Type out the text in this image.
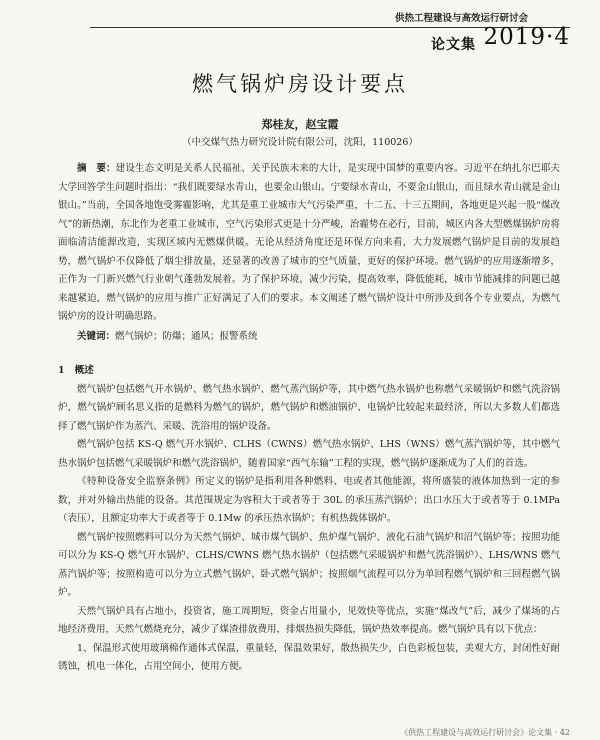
供热工程建设与高效运行研讨会
论文集 2019·4
燃气锅炉房设计要点
郑桂友，赵宝霞
（中交煤气热力研究设计院有限公司，沈阳，110026）

摘　要：建设生态文明是关系人民福祉、关乎民族未来的大计，是实现中国梦的重要内容。习近平在纳扎尔巴耶夫大学回答学生问题时指出：“我们既要绿水青山，也要金山银山。宁要绿水青山，不要金山银山，而且绿水青山就是金山银山。”当前，全国各地饱受雾霾影响，尤其是重工业城市大气污染严重，十二五、十三五期间，各地更是兴起一股“煤改气”的新热潮，东北作为老重工业城市，空气污染形式更是十分严峻，治霾势在必行，目前，城区内各大型燃煤锅炉房将面临清洁能源改造，实现区域内无燃煤供暖。无论从经济角度还是环保方向来看，大力发展燃气锅炉是目前的发展趋势，燃气锅炉不仅降低了烟尘排放量，还显著的改善了城市的空气质量，更好的保护环境。燃气锅炉的应用逐渐增多，正作为一门新兴燃气行业朝气蓬勃发展着。为了保护环境，减少污染，提高效率，降低能耗，城市节能减排的问题已越来越紧迫，燃气锅炉的应用与推广正好满足了人们的要求。本文阐述了燃气锅炉设计中所涉及到各个专业要点，为燃气锅炉房的设计明确思路。

关键词：燃气锅炉；防爆；通风；报警系统

1 概述

燃气锅炉包括燃气开水锅炉、燃气热水锅炉、燃气蒸汽锅炉等，其中燃气热水锅炉也称燃气采暖锅炉和燃气洗浴锅炉，燃气锅炉顾名思义指的是燃料为燃气的锅炉，燃气锅炉和燃油锅炉、电锅炉比较起来最经济，所以大多数人们都选择了燃气锅炉作为蒸汽、采暖、洗浴用的锅炉设备。

燃气锅炉包括 KS-Q 燃气开水锅炉、CLHS（CWNS）燃气热水锅炉、LHS（WNS）燃气蒸汽锅炉等，其中燃气热水锅炉包括燃气采暖锅炉和燃气洗浴锅炉，随着国家“西气东输”工程的实现，燃气锅炉逐渐成为了人们的首选。

《特种设备安全监察条例》所定义的锅炉是指利用各种燃料、电或者其他能源，将所盛装的液体加热到一定的参数，并对外输出热能的设备。其范围规定为容积大于或者等于 30L 的承压蒸汽锅炉；出口水压大于或者等于 0.1MPa（表压），且额定功率大于或者等于 0.1Mw 的承压热水锅炉；有机热载体锅炉。

燃气锅炉按照燃料可以分为天然气锅炉、城市煤气锅炉、焦炉煤气锅炉、液化石油气锅炉和沼气锅炉等；按照功能可以分为 KS-Q 燃气开水锅炉、CLHS/CWNS 燃气热水锅炉（包括燃气采暖锅炉和燃气洗浴锅炉）、LHS/WNS 燃气蒸汽锅炉等；按照构造可以分为立式燃气锅炉、卧式燃气锅炉；按照烟气流程可以分为单回程燃气锅炉和三回程燃气锅炉。

天然气锅炉具有占地小，投资省，施工周期短，资金占用量小，见效快等优点，实施“煤改气”后，减少了煤场的占地经济费用，天然气燃烧充分，减少了煤渣排放费用，排烟热损失降低，锅炉热效率提高。燃气锅炉具有以下优点：

1、保温形式使用玻璃棉作通体式保温，重量轻，保温效果好，散热损失少，白色彩板包装，美观大方，封闭性好耐锈蚀，机电一体化，占用空间小，使用方便。

《供热工程建设与高效运行研讨会》论文集 · 42
